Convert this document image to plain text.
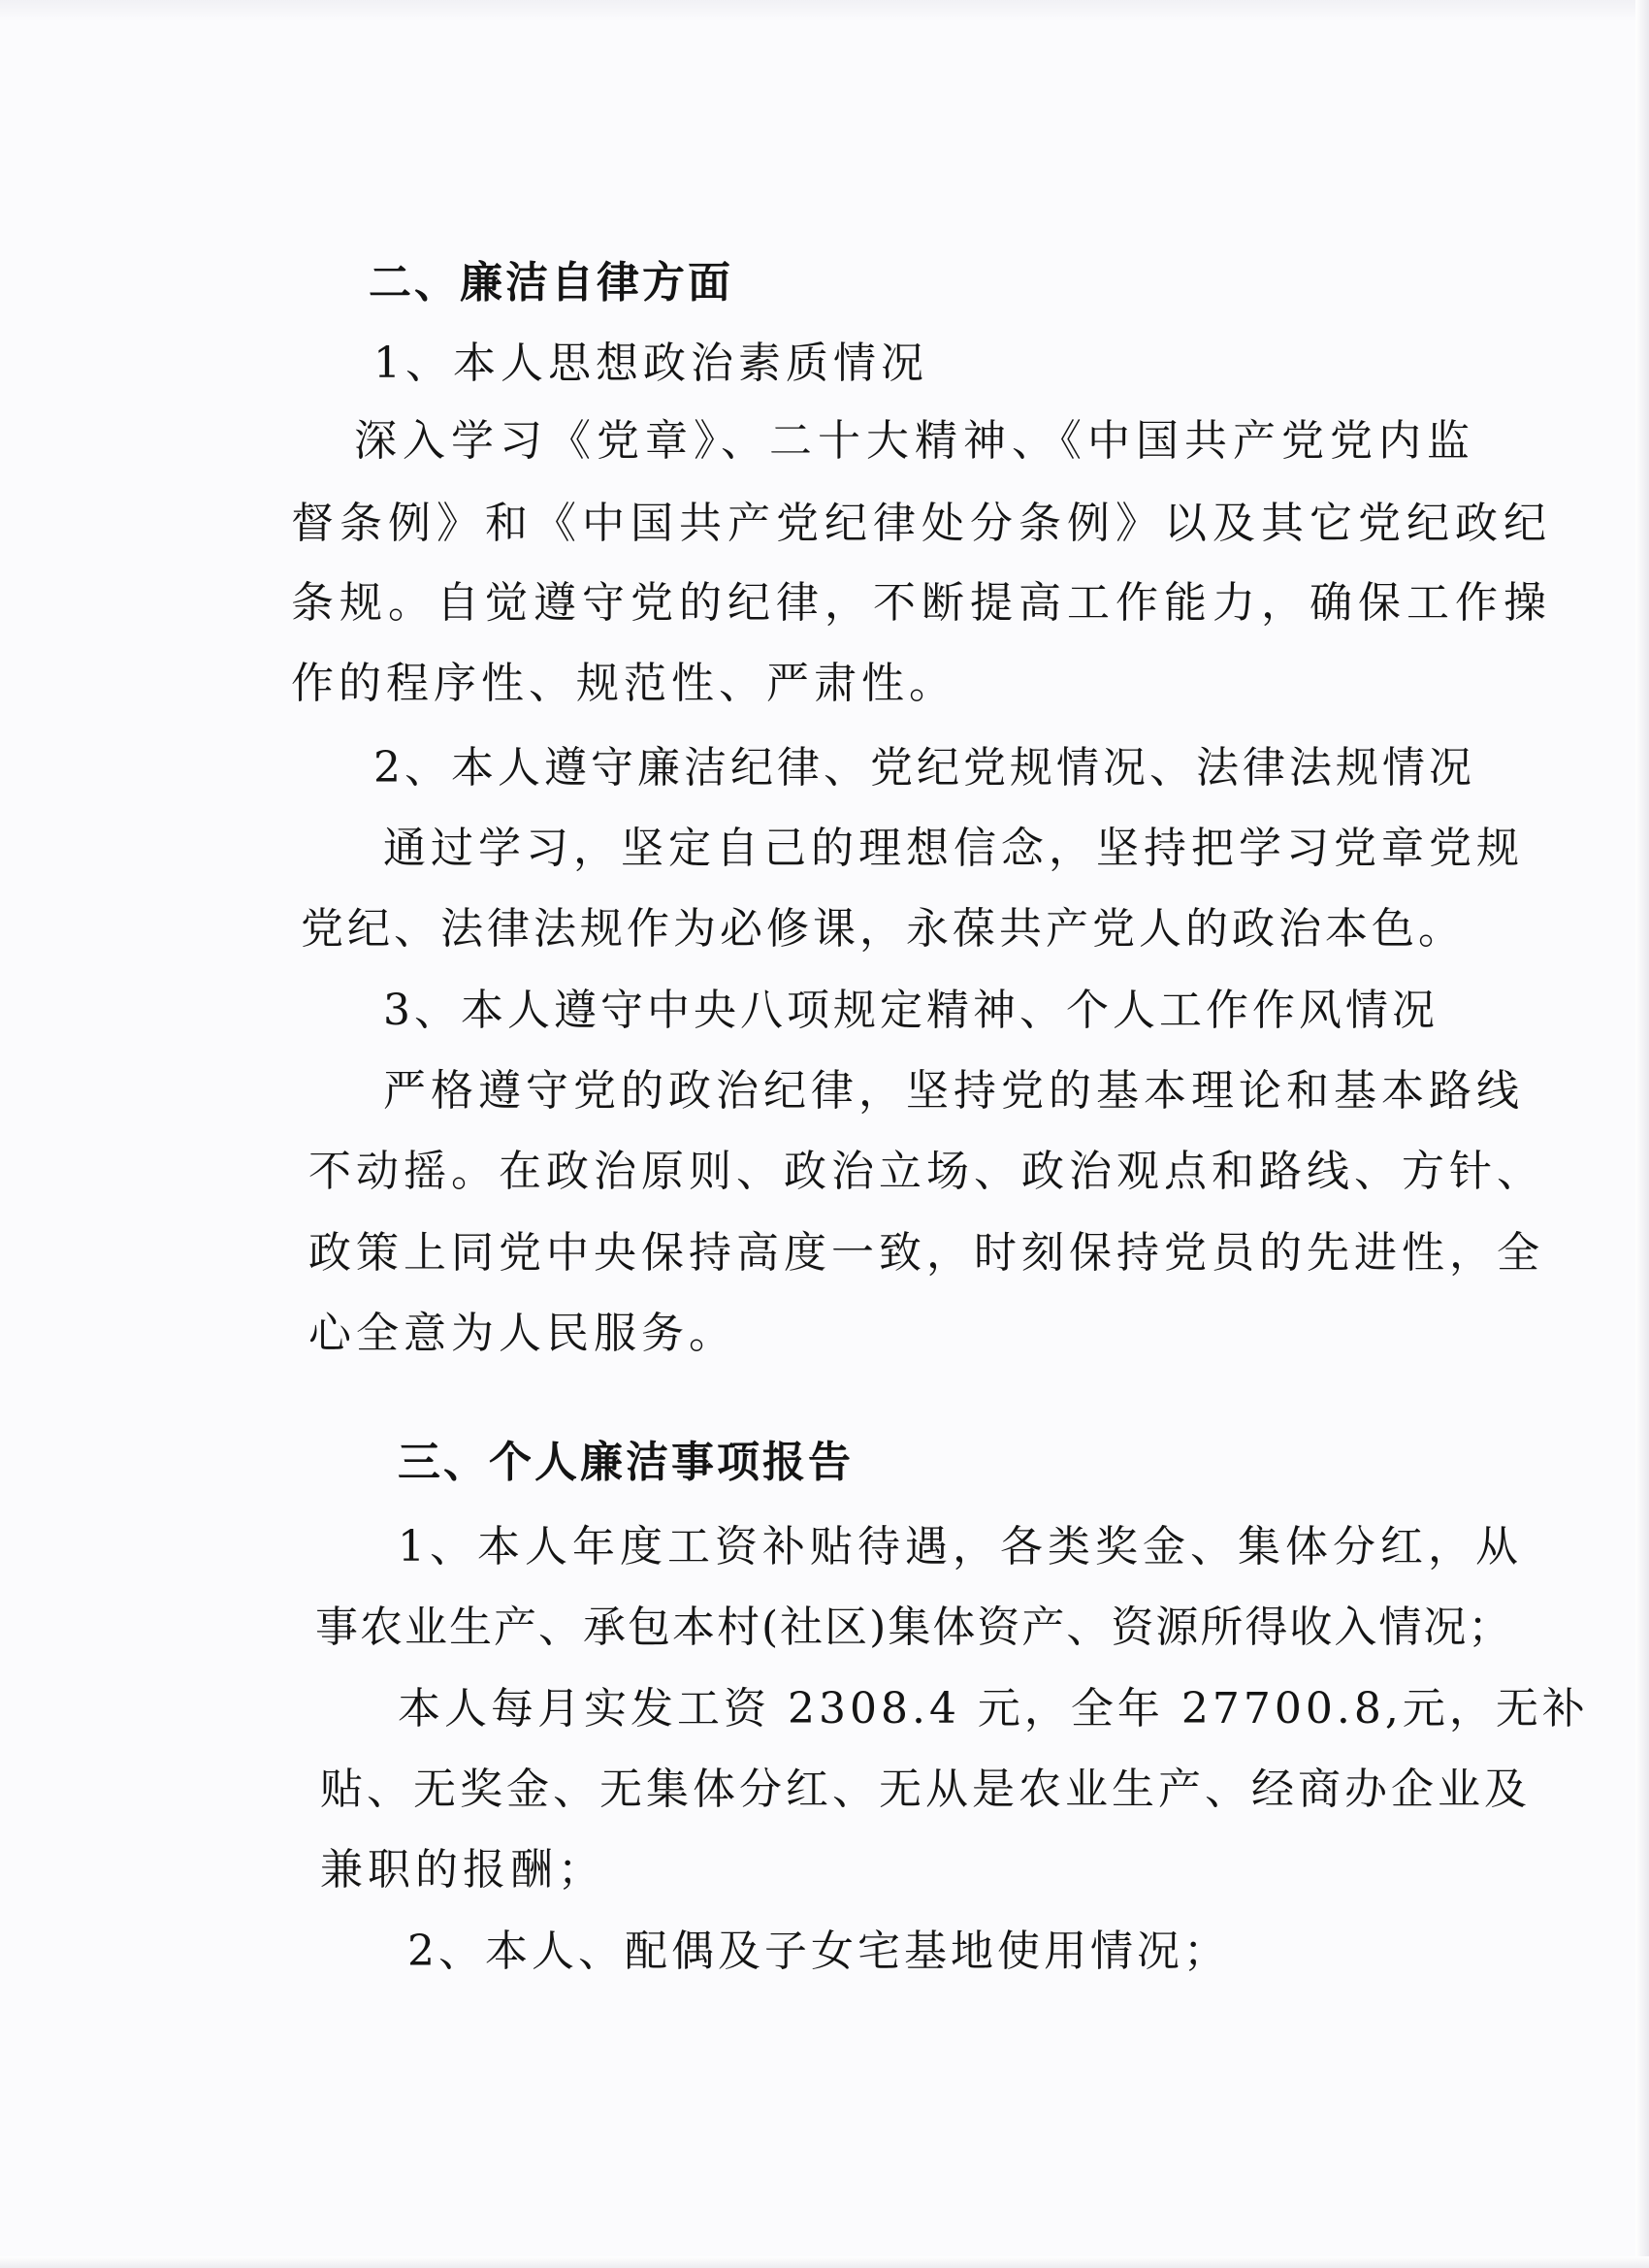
二、廉洁自律方面
1、本人思想政治素质情况
深入学习《党章》、二十大精神、《中国共产党党内监
督条例》和《中国共产党纪律处分条例》以及其它党纪政纪
条规。自觉遵守党的纪律，不断提高工作能力，确保工作操
作的程序性、规范性、严肃性。
2、本人遵守廉洁纪律、党纪党规情况、法律法规情况
通过学习，坚定自己的理想信念，坚持把学习党章党规
党纪、法律法规作为必修课，永葆共产党人的政治本色。
3、本人遵守中央八项规定精神、个人工作作风情况
严格遵守党的政治纪律，坚持党的基本理论和基本路线
不动摇。在政治原则、政治立场、政治观点和路线、方针、
政策上同党中央保持高度一致，时刻保持党员的先进性，全
心全意为人民服务。
三、个人廉洁事项报告
1、本人年度工资补贴待遇，各类奖金、集体分红，从
事农业生产、承包本村(社区)集体资产、资源所得收入情况；
本人每月实发工资 2308.4 元，全年 27700.8,元，无补
贴、无奖金、无集体分红、无从是农业生产、经商办企业及
兼职的报酬；
2、本人、配偶及子女宅基地使用情况；
